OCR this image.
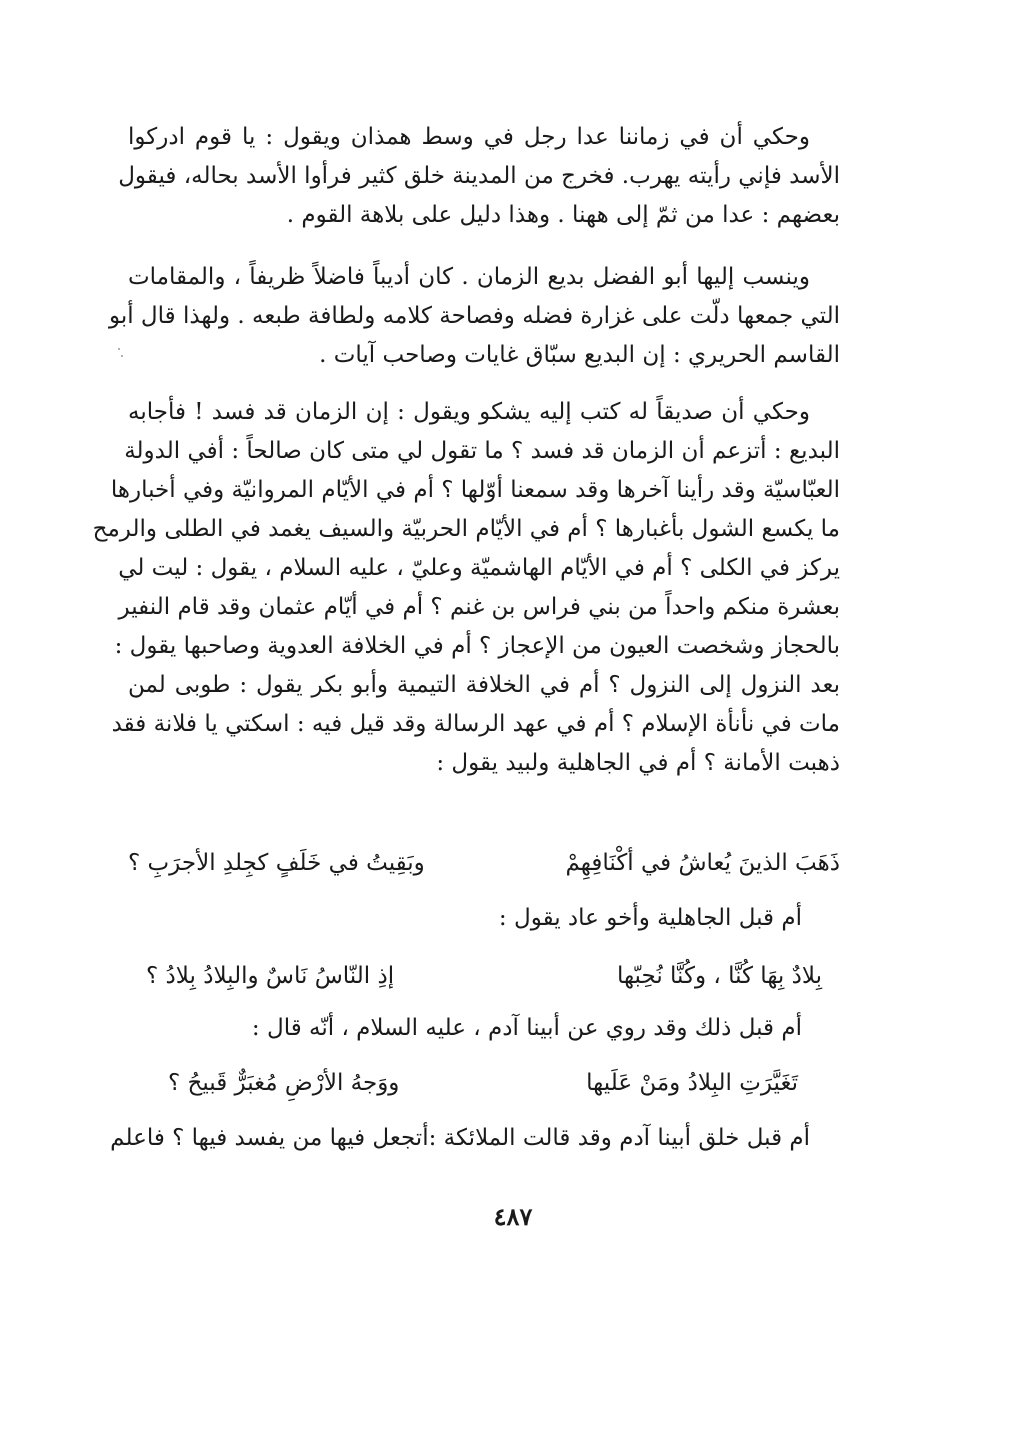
وحكي أن في زماننا عدا رجل في وسط همذان ويقول : يا قوم ادركوا
الأسد فإني رأيته يهرب. فخرج من المدينة خلق كثير فرأوا الأسد بحاله، فيقول
بعضهم : عدا من ثمّ إلى ههنا . وهذا دليل على بلاهة القوم .
وينسب إليها أبو الفضل بديع الزمان . كان أديباً فاضلاً ظريفاً ، والمقامات
التي جمعها دلّت على غزارة فضله وفصاحة كلامه ولطافة طبعه . ولهذا قال أبو
القاسم الحريري : إن البديع سبّاق غايات وصاحب آيات .
وحكي أن صديقاً له كتب إليه يشكو ويقول : إن الزمان قد فسد ! فأجابه
البديع : أتزعم أن الزمان قد فسد ؟ ما تقول لي متى كان صالحاً : أفي الدولة
العبّاسيّة وقد رأينا آخرها وقد سمعنا أوّلها ؟ أم في الأيّام المروانيّة وفي أخبارها
ما يكسع الشول بأغبارها ؟ أم في الأيّام الحربيّة والسيف يغمد في الطلى والرمح
يركز في الكلى ؟ أم في الأيّام الهاشميّة وعليّ ، عليه السلام ، يقول : ليت لي
بعشرة منكم واحداً من بني فراس بن غنم ؟ أم في أيّام عثمان وقد قام النفير
بالحجاز وشخصت العيون من الإعجاز ؟ أم في الخلافة العدوية وصاحبها يقول :
بعد النزول إلى النزول ؟ أم في الخلافة التيمية وأبو بكر يقول : طوبى لمن
مات في نأنأة الإسلام ؟ أم في عهد الرسالة وقد قيل فيه : اسكتي يا فلانة فقد
ذهبت الأمانة ؟ أم في الجاهلية ولبيد يقول :
ذَهَبَ الذينَ يُعاشُ في أكْنَافِهِمْ
وبَقِيتُ في خَلَفٍ كجِلدِ الأجرَبِ ؟
أم قبل الجاهلية وأخو عاد يقول :
بِلادٌ بِهَا كُنَّا ، وكُنَّا نُحِبّها
إذِ النّاسُ نَاسٌ والبِلادُ بِلادُ ؟
أم قبل ذلك وقد روي عن أبينا آدم ، عليه السلام ، أنّه قال :
تَغَيَّرَتِ البِلادُ ومَنْ عَلَيها
ووَجهُ الأرْضِ مُغبَرٌّ قَبيحُ ؟
أم قبل خلق أبينا آدم وقد قالت الملائكة :أتجعل فيها من يفسد فيها ؟ فاعلم
٤٨٧
